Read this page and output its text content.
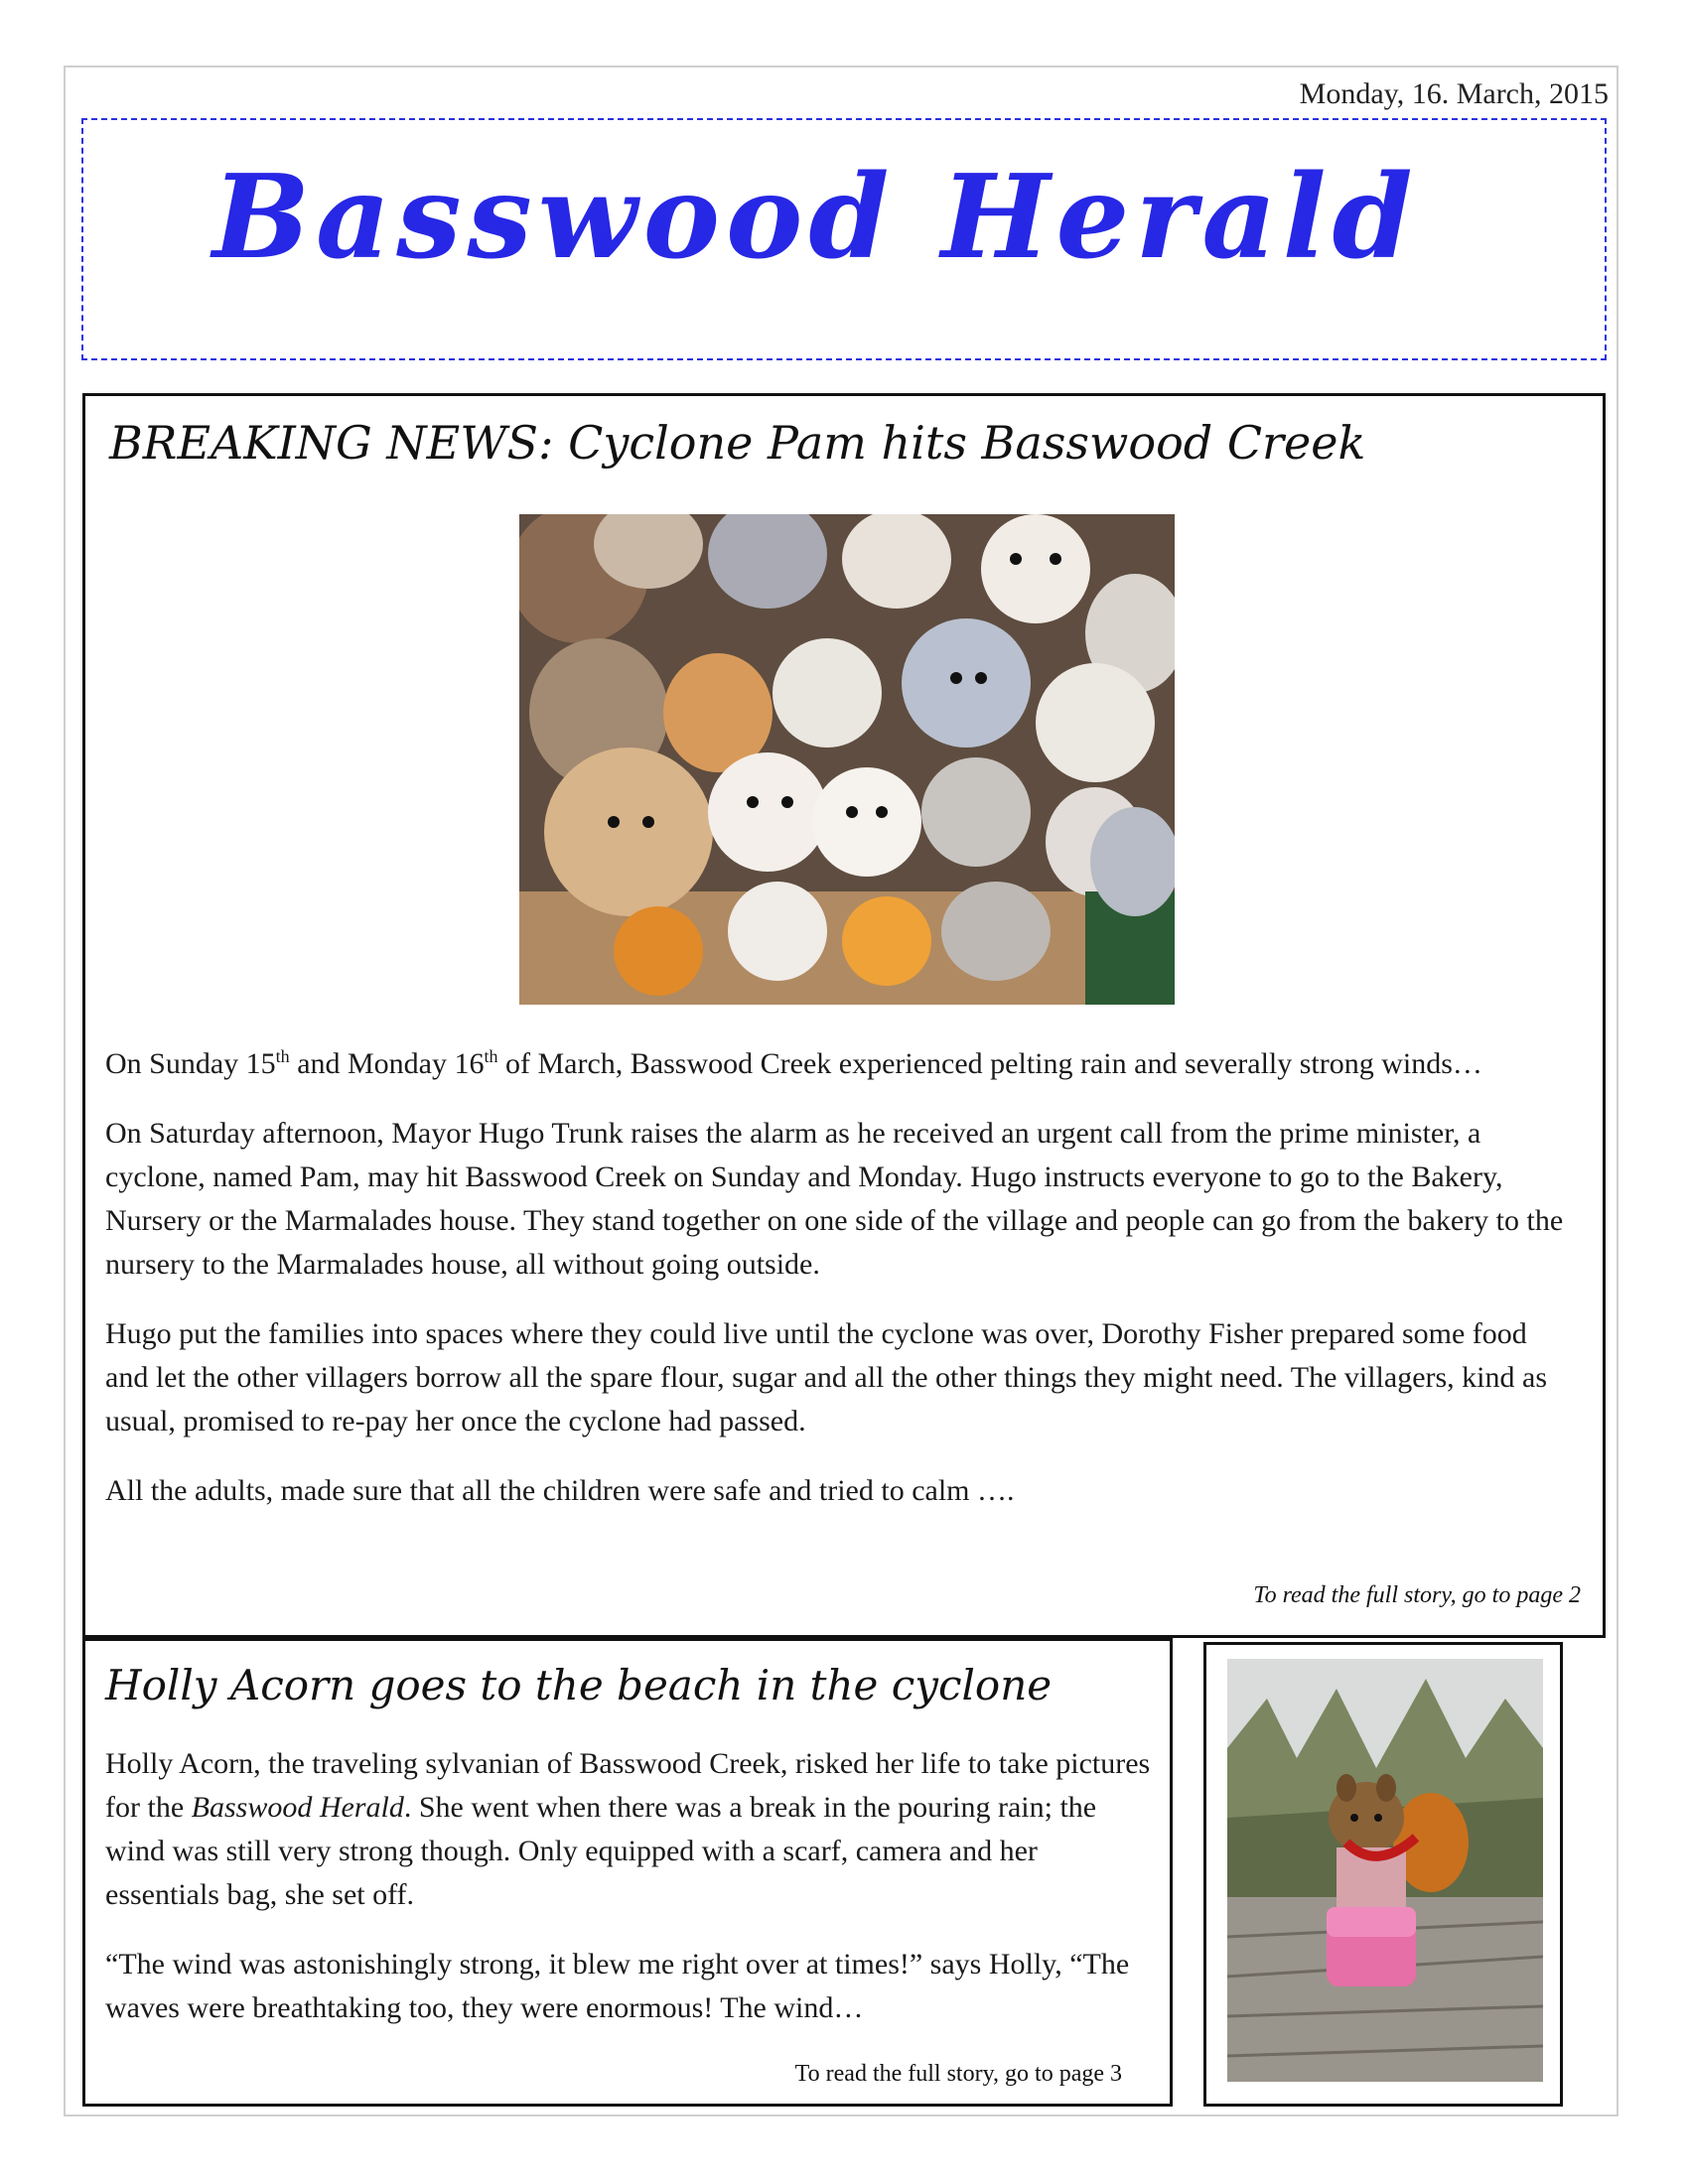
Monday, 16. March, 2015
Basswood Herald
BREAKING NEWS: Cyclone Pam hits Basswood Creek

On Sunday 15th and Monday 16th of March, Basswood Creek experienced pelting rain and severally strong winds…

On Saturday afternoon, Mayor Hugo Trunk raises the alarm as he received an urgent call from the prime minister, a cyclone, named Pam, may hit Basswood Creek on Sunday and Monday. Hugo instructs everyone to go to the Bakery, Nursery or the Marmalades house. They stand together on one side of the village and people can go from the bakery to the nursery to the Marmalades house, all without going outside.

Hugo put the families into spaces where they could live until the cyclone was over, Dorothy Fisher prepared some food and let the other villagers borrow all the spare flour, sugar and all the other things they might need. The villagers, kind as usual, promised to re-pay her once the cyclone had passed.

All the adults, made sure that all the children were safe and tried to calm ….

To read the full story, go to page 2
Holly Acorn goes to the beach in the cyclone

Holly Acorn, the traveling sylvanian of Basswood Creek, risked her life to take pictures for the Basswood Herald. She went when there was a break in the pouring rain; the wind was still very strong though. Only equipped with a scarf, camera and her essentials bag, she set off.

“The wind was astonishingly strong, it blew me right over at times!” says Holly, “The waves were breathtaking too, they were enormous! The wind…

To read the full story, go to page 3
